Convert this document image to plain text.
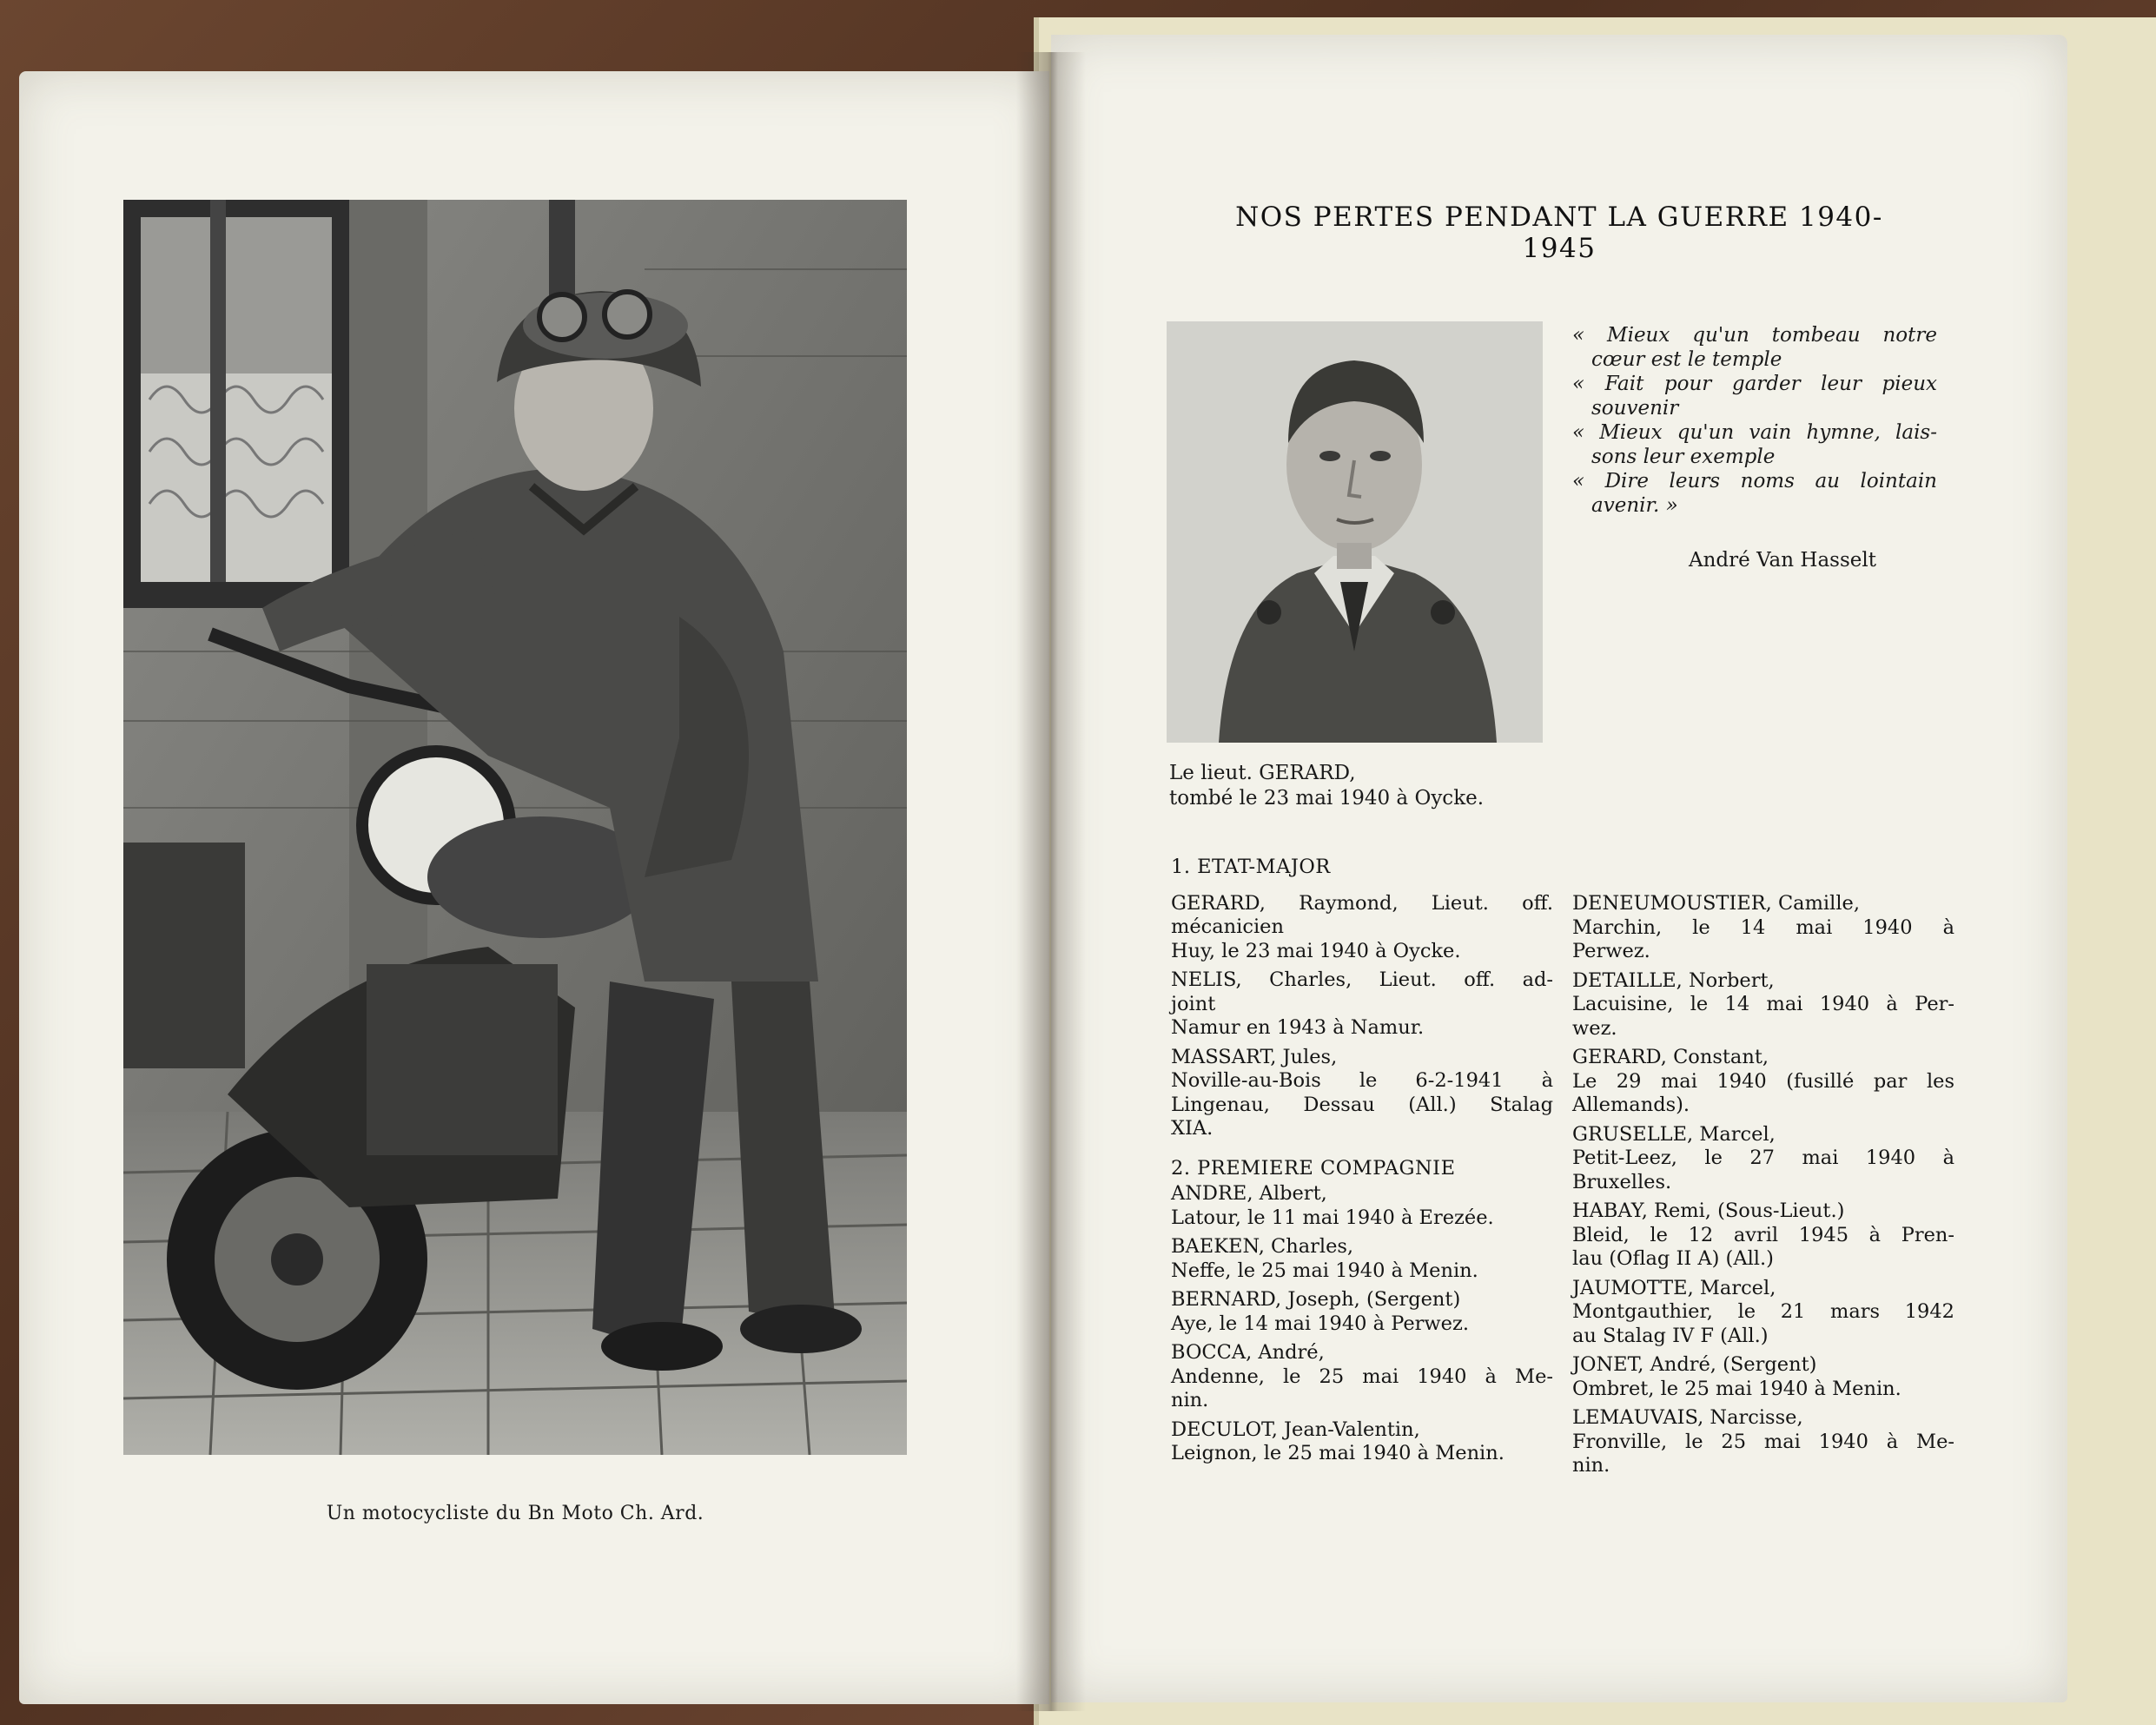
Un motocycliste du Bn Moto Ch. Ard.
NOS PERTES PENDANT LA GUERRE 1940-1945
« Mieux qu'un tombeau notre
cœur est le temple
« Fait pour garder leur pieux
souvenir
« Mieux qu'un vain hymne, lais-
sons leur exemple
« Dire leurs noms au lointain
avenir. »
André Van Hasselt
Le lieut. GERARD,
tombé le 23 mai 1940 à Oycke.
1. ETAT-MAJOR
GERARD, Raymond, Lieut. off.
mécanicien
Huy, le 23 mai 1940 à Oycke.
NELIS, Charles, Lieut. off. ad-
joint
Namur en 1943 à Namur.
MASSART, Jules,
Noville-au-Bois le 6-2-1941 à
Lingenau, Dessau (All.) Stalag
XIA.
2. PREMIERE COMPAGNIE
ANDRE, Albert,
Latour, le 11 mai 1940 à Erezée.
BAEKEN, Charles,
Neffe, le 25 mai 1940 à Menin.
BERNARD, Joseph, (Sergent)
Aye, le 14 mai 1940 à Perwez.
BOCCA, André,
Andenne, le 25 mai 1940 à Me-
nin.
DECULOT, Jean-Valentin,
Leignon, le 25 mai 1940 à Menin.
DENEUMOUSTIER, Camille,
Marchin, le 14 mai 1940 à
Perwez.
DETAILLE, Norbert,
Lacuisine, le 14 mai 1940 à Per-
wez.
GERARD, Constant,
Le 29 mai 1940 (fusillé par les
Allemands).
GRUSELLE, Marcel,
Petit-Leez, le 27 mai 1940 à
Bruxelles.
HABAY, Remi, (Sous-Lieut.)
Bleid, le 12 avril 1945 à Pren-
lau (Oflag II A) (All.)
JAUMOTTE, Marcel,
Montgauthier, le 21 mars 1942
au Stalag IV F (All.)
JONET, André, (Sergent)
Ombret, le 25 mai 1940 à Menin.
LEMAUVAIS, Narcisse,
Fronville, le 25 mai 1940 à Me-
nin.
